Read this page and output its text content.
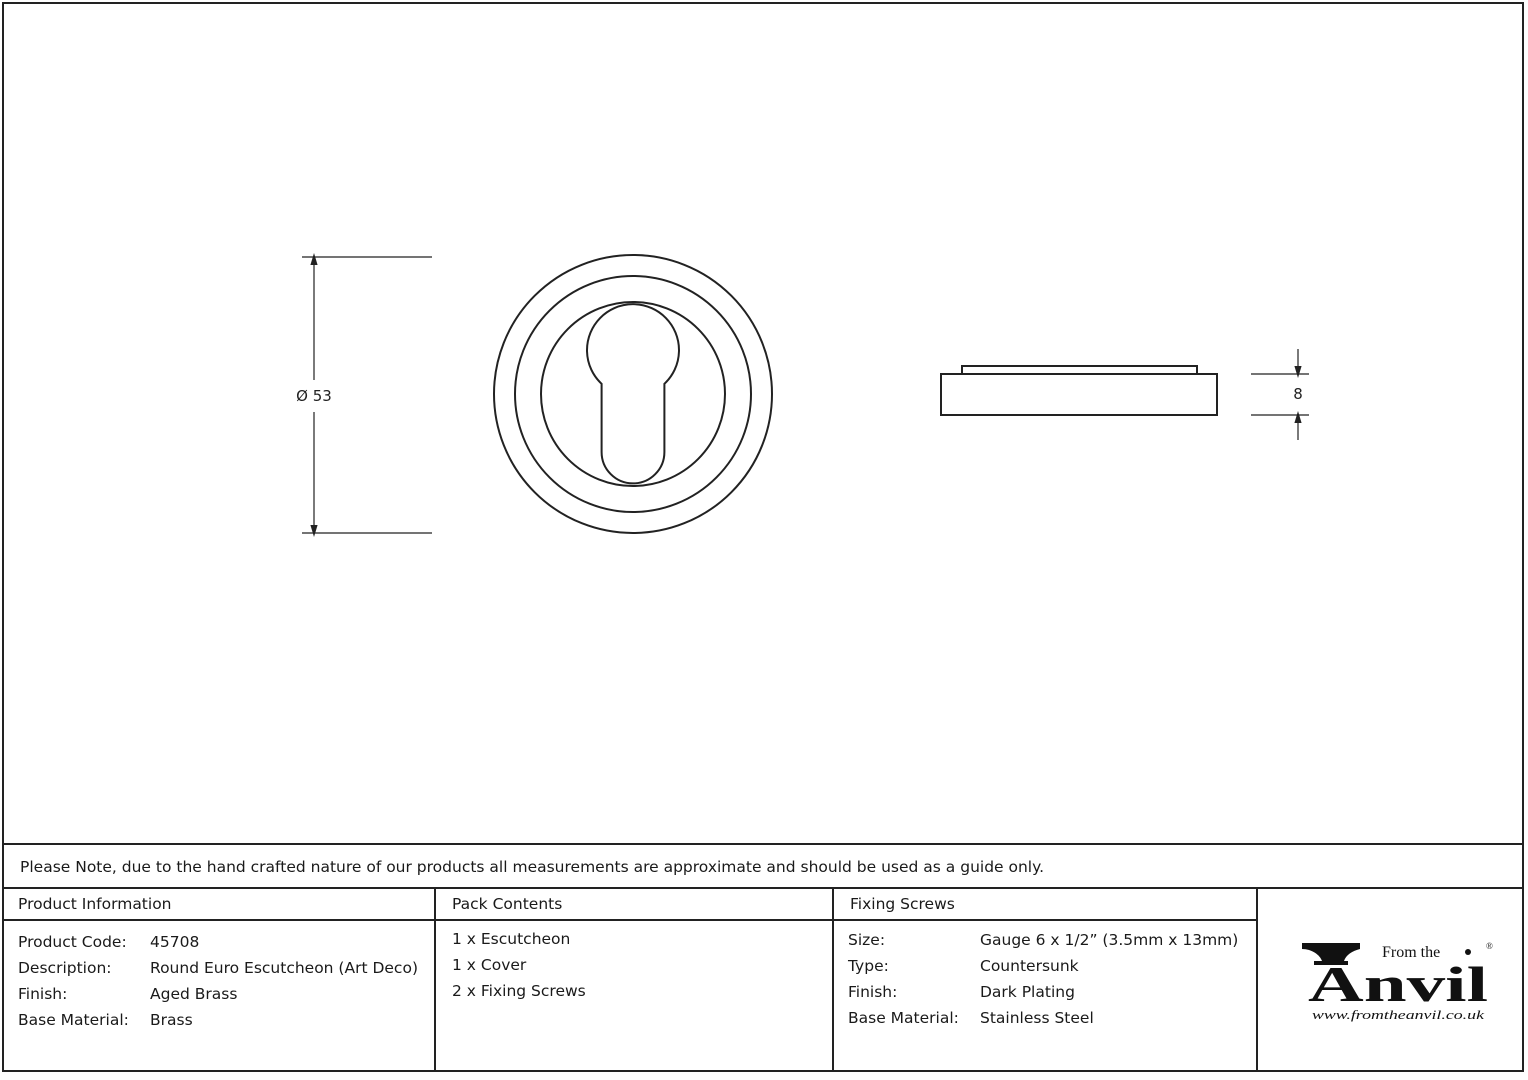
Ø 53	8
Please Note, due to the hand crafted nature of our products all measurements are approximate and should be used as a guide only.
Product Information
Product Code: 45708
Description: Round Euro Escutcheon (Art Deco)
Finish:	Aged Brass
Base Material: Brass
Pack Contents
1 x Escutcheon
1 x Cover
2 x Fixing Screws
Fixing Screws
Size:	Gauge 6 x 1/2” (3.5mm x 13mm)
Type:	Countersunk
Finish:	Dark Plating
Base Material: Stainless Steel
From the	®
Anvil
www.fromtheanvil.co.uk
